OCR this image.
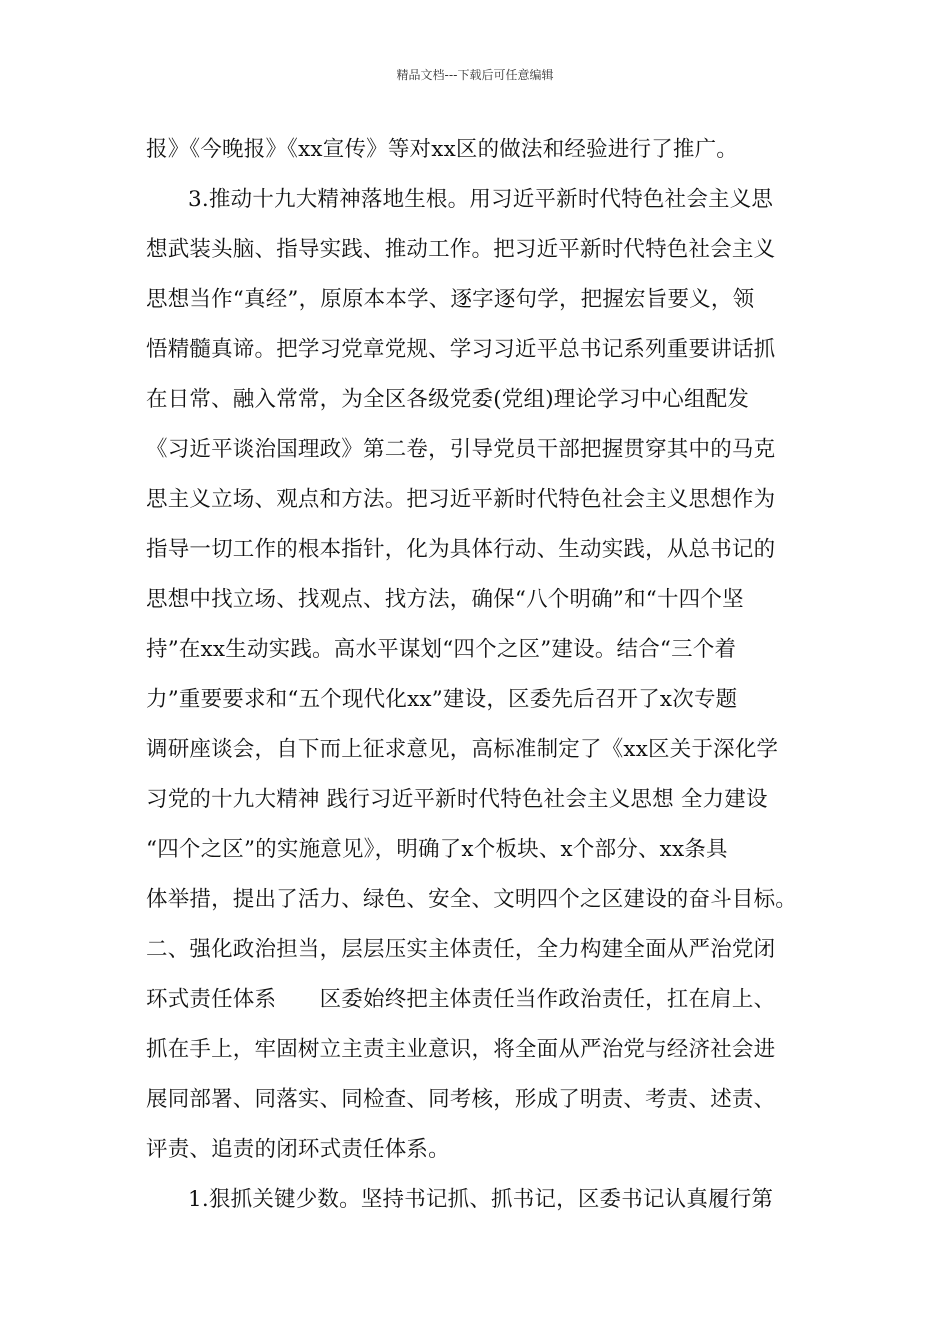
精品文档---下载后可任意编辑
报》《今晚报》《xx宣传》等对xx区的做法和经验进行了推广。
3.推动十九大精神落地生根。用习近平新时代特色社会主义思
想武装头脑、指导实践、推动工作。把习近平新时代特色社会主义
思想当作“真经”，原原本本学、逐字逐句学，把握宏旨要义，领
悟精髓真谛。把学习党章党规、学习习近平总书记系列重要讲话抓
在日常、融入常常，为全区各级党委(党组)理论学习中心组配发
《习近平谈治国理政》第二卷，引导党员干部把握贯穿其中的马克
思主义立场、观点和方法。把习近平新时代特色社会主义思想作为
指导一切工作的根本指针，化为具体行动、生动实践，从总书记的
思想中找立场、找观点、找方法，确保“八个明确”和“十四个坚
持”在xx生动实践。高水平谋划“四个之区”建设。结合“三个着
力”重要要求和“五个现代化xx”建设，区委先后召开了x次专题
调研座谈会，自下而上征求意见，高标准制定了《xx区关于深化学
习党的十九大精神 践行习近平新时代特色社会主义思想 全力建设
“四个之区”的实施意见》，明确了x个板块、x个部分、xx条具
体举措，提出了活力、绿色、安全、文明四个之区建设的奋斗目标。
二、强化政治担当，层层压实主体责任，全力构建全面从严治党闭
环式责任体系　　区委始终把主体责任当作政治责任，扛在肩上、
抓在手上，牢固树立主责主业意识，将全面从严治党与经济社会进
展同部署、同落实、同检查、同考核，形成了明责、考责、述责、
评责、追责的闭环式责任体系。
1.狠抓关键少数。坚持书记抓、抓书记，区委书记认真履行第
